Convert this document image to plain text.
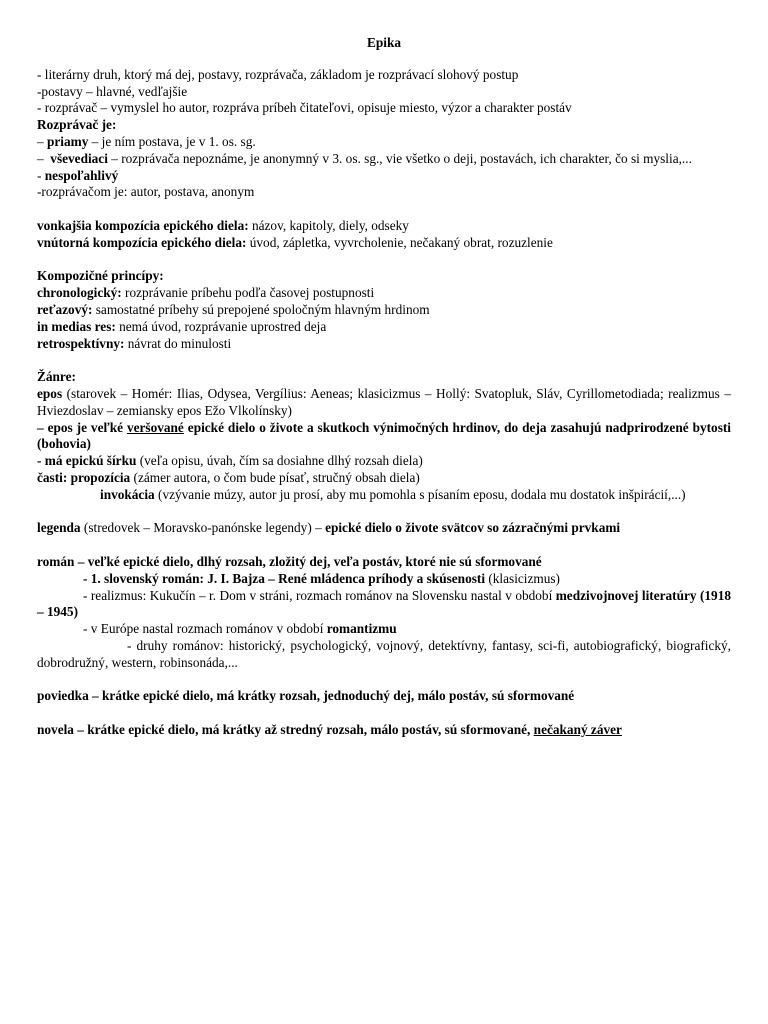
Epika
- literárny druh, ktorý má dej, postavy, rozprávača, základom je rozprávací slohový postup
-postavy – hlavné, vedľajšie
- rozprávač – vymyslel ho autor, rozpráva príbeh čitateľovi, opisuje miesto, výzor a charakter postáv
Rozprávač je:
– priamy – je ním postava, je v 1. os. sg.
–  vševediaci – rozprávača nepoznáme, je anonymný v 3. os. sg., vie všetko o deji, postavách, ich charakter, čo si myslia,...
- nespoľahlivý
-rozprávačom je: autor, postava, anonym
vonkajšia kompozícia epického diela: názov, kapitoly, diely, odseky
vnútorná kompozícia epického diela: úvod, zápletka, vyvrcholenie, nečakaný obrat, rozuzlenie
Kompozičné princípy:
chronologický: rozprávanie príbehu podľa časovej postupnosti
reťazový: samostatné príbehy sú prepojené spoločným hlavným hrdinom
in medias res: nemá úvod, rozprávanie uprostred deja
retrospektívny: návrat do minulosti
Žánre:
epos (starovek – Homér: Ilias, Odysea, Vergílius: Aeneas; klasicizmus – Hollý: Svatopluk, Sláv, Cyrillometodiada; realizmus – Hviezdoslav – zemiansky epos Ežo Vlkolínsky)
– epos je veľké veršované epické dielo o živote a skutkoch výnimočných hrdinov, do deja zasahujú nadprirodzené bytosti (bohovia)
- má epickú šírku (veľa opisu, úvah, čím sa dosiahne dlhý rozsah diela)
časti: propozícia (zámer autora, o čom bude písať, stručný obsah diela)
invokácia (vzývanie múzy, autor ju prosí, aby mu pomohla s písaním eposu, dodala mu dostatok inšpirácií,...)
legenda (stredovek – Moravsko-panónske legendy) – epické dielo o živote svätcov so zázračnými prvkami
román – veľké epické dielo, dlhý rozsah, zložitý dej, veľa postáv, ktoré nie sú sformované
- 1. slovenský román: J. I. Bajza – René mládenca príhody a skúsenosti (klasicizmus)
- realizmus: Kukučín – r. Dom v stráni, rozmach románov na Slovensku nastal v období medzivojnovej literatúry (1918 – 1945)
- v Európe nastal rozmach románov v období romantizmu
- druhy románov: historický, psychologický, vojnový, detektívny, fantasy, sci-fi, autobiografický, biografický, dobrodružný, western, robinsonáda,...
poviedka – krátke epické dielo, má krátky rozsah, jednoduchý dej, málo postáv, sú sformované
novela – krátke epické dielo, má krátky až stredný rozsah, málo postáv, sú sformované, nečakaný záver
